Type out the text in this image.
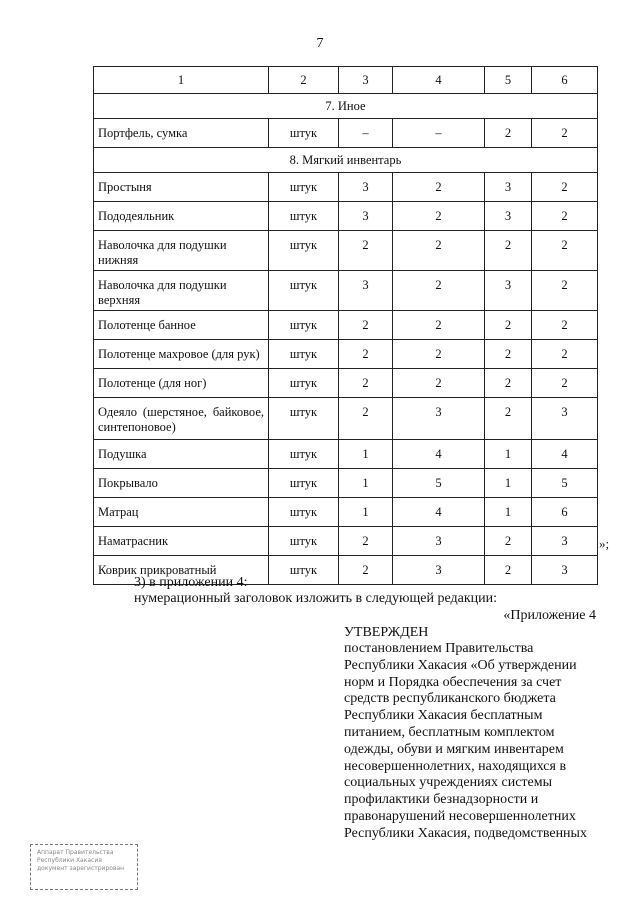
7
1	2	3	4	5	6
7. Иное					
Портфель, сумка	штук	–	–	2	2
8. Мягкий инвентарь					
Простыня	штук	3	2	3	2
Пододеяльник	штук	3	2	3	2
Наволочка для подушки нижняя	штук	2	2	2	2
Наволочка для подушки верхняя	штук	3	2	3	2
Полотенце банное	штук	2	2	2	2
Полотенце махровое (для рук)	штук	2	2	2	2
Полотенце (для ног)	штук	2	2	2	2
Одеяло (шерстяное, байковое, синтепоновое)	штук	2	3	2	3
Подушка	штук	1	4	1	4
Покрывало	штук	1	5	1	5
Матрац	штук	1	4	1	6
Наматрасник	штук	2	3	2	3
Коврик прикроватный	штук	2	3	2	3
»;
3) в приложении 4:
нумерационный заголовок изложить в следующей редакции:
«Приложение 4
УТВЕРЖДЕН
постановлением Правительства
Республики Хакасия «Об утверждении
норм и Порядка обеспечения за счет
средств республиканского бюджета
Республики Хакасия бесплатным
питанием, бесплатным комплектом
одежды, обуви и мягким инвентарем
несовершеннолетних, находящихся в
социальных учреждениях системы
профилактики безнадзорности и
правонарушений несовершеннолетних
Республики Хакасия, подведомственных
Аппарат Правительства
Республики Хакасия
документ зарегистрирован
